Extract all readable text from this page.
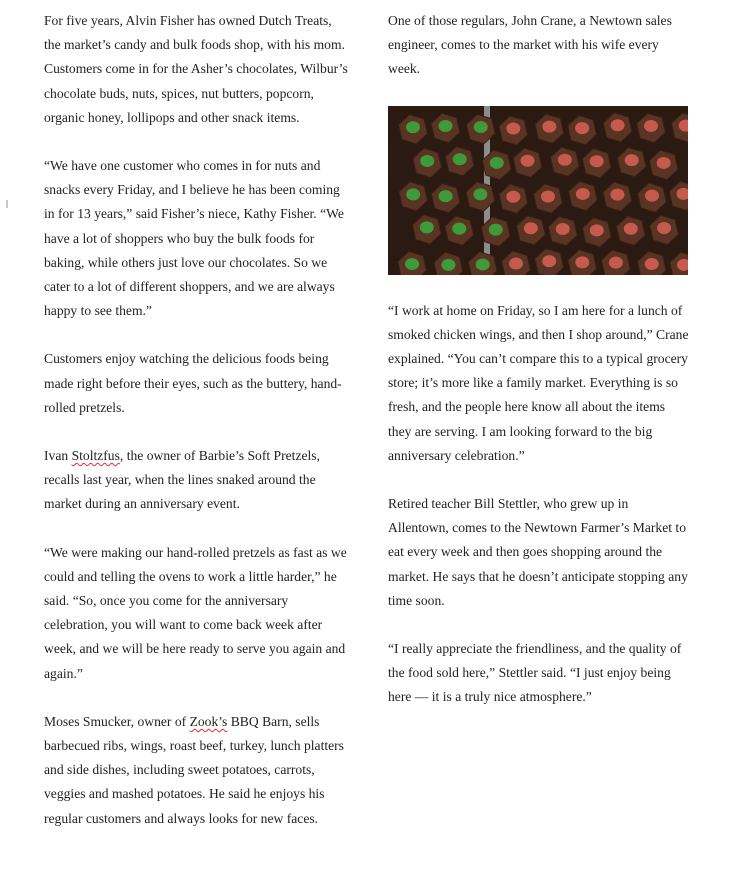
For five years, Alvin Fisher has owned Dutch Treats, the market’s candy and bulk foods shop, with his mom. Customers come in for the Asher’s chocolates, Wilbur’s chocolate buds, nuts, spices, nut butters, popcorn, organic honey, lollipops and other snack items.

“We have one customer who comes in for nuts and snacks every Friday, and I believe he has been coming in for 13 years,” said Fisher’s niece, Kathy Fisher. “We have a lot of shoppers who buy the bulk foods for baking, while others just love our chocolates. So we cater to a lot of different shoppers, and we are always happy to see them.”

Customers enjoy watching the delicious foods being made right before their eyes, such as the buttery, hand-rolled pretzels.

Ivan Stoltzfus, the owner of Barbie’s Soft Pretzels, recalls last year, when the lines snaked around the market during an anniversary event.

“We were making our hand-rolled pretzels as fast as we could and telling the ovens to work a little harder,” he said. “So, once you come for the anniversary celebration, you will want to come back week after week, and we will be here ready to serve you again and again.”

Moses Smucker, owner of Zook’s BBQ Barn, sells barbecued ribs, wings, roast beef, turkey, lunch platters and side dishes, including sweet potatoes, carrots, veggies and mashed potatoes. He said he enjoys his regular customers and always looks for new faces.

One of those regulars, John Crane, a Newtown sales engineer, comes to the market with his wife every week.

“I work at home on Friday, so I am here for a lunch of smoked chicken wings, and then I shop around,” Crane explained. “You can’t compare this to a typical grocery store; it’s more like a family market. Everything is so fresh, and the people here know all about the items they are serving. I am looking forward to the big anniversary celebration.”

Retired teacher Bill Stettler, who grew up in Allentown, comes to the Newtown Farmer’s Market to eat every week and then goes shopping around the market. He says that he doesn’t anticipate stopping any time soon.

“I really appreciate the friendliness, and the quality of the food sold here,” Stettler said. “I just enjoy being here — it is a truly nice atmosphere.”
